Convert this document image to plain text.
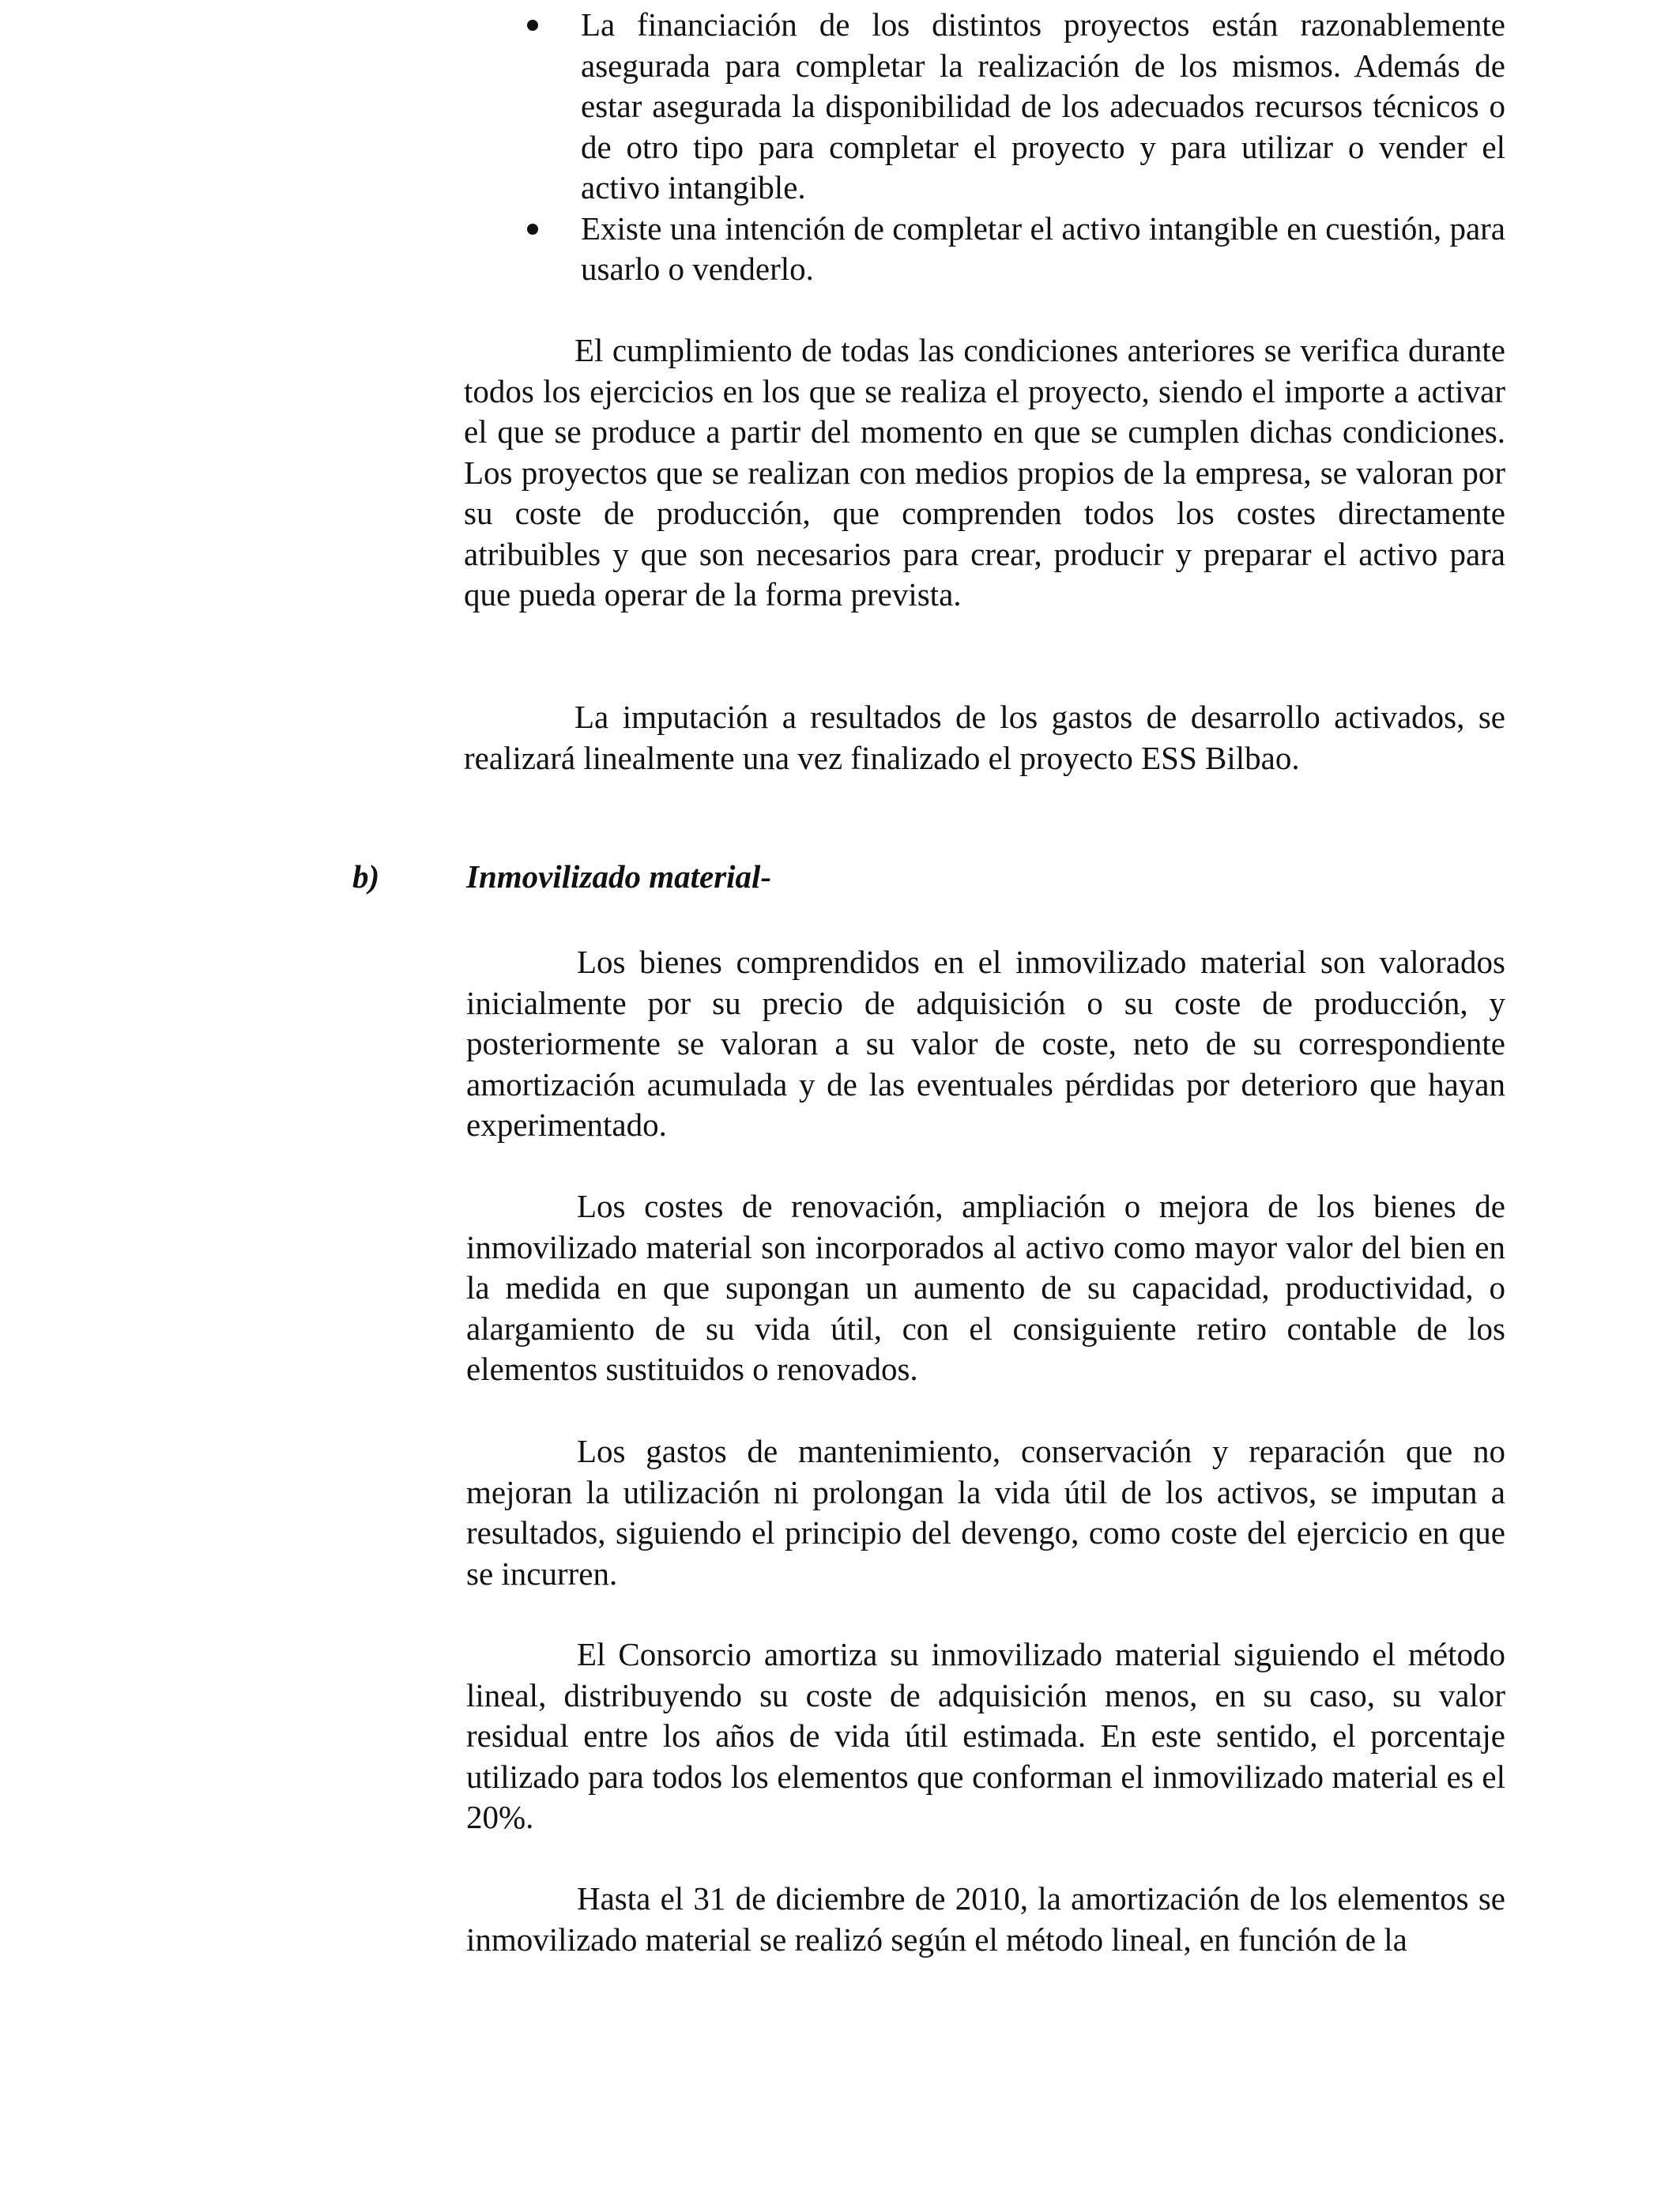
La financiación de los distintos proyectos están razonablemente asegurada para completar la realización de los mismos. Además de estar asegurada la disponibilidad de los adecuados recursos técnicos o de otro tipo para completar el proyecto y para utilizar o vender el activo intangible.
Existe una intención de completar el activo intangible en cuestión, para usarlo o venderlo.

El cumplimiento de todas las condiciones anteriores se verifica durante todos los ejercicios en los que se realiza el proyecto, siendo el importe a activar el que se produce a partir del momento en que se cumplen dichas condiciones. Los proyectos que se realizan con medios propios de la empresa, se valoran por su coste de producción, que comprenden todos los costes directamente atribuibles y que son necesarios para crear, producir y preparar el activo para que pueda operar de la forma prevista.

La imputación a resultados de los gastos de desarrollo activados, se realizará linealmente una vez finalizado el proyecto ESS Bilbao.

b)	Inmovilizado material-

Los bienes comprendidos en el inmovilizado material son valorados inicialmente por su precio de adquisición o su coste de producción, y posteriormente se valoran a su valor de coste, neto de su correspondiente amortización acumulada y de las eventuales pérdidas por deterioro que hayan experimentado.

Los costes de renovación, ampliación o mejora de los bienes de inmovilizado material son incorporados al activo como mayor valor del bien en la medida en que supongan un aumento de su capacidad, productividad, o alargamiento de su vida útil, con el consiguiente retiro contable de los elementos sustituidos o renovados.

Los gastos de mantenimiento, conservación y reparación que no mejoran la utilización ni prolongan la vida útil de los activos, se imputan a resultados, siguiendo el principio del devengo, como coste del ejercicio en que se incurren.

El Consorcio amortiza su inmovilizado material siguiendo el método lineal, distribuyendo su coste de adquisición menos, en su caso, su valor residual entre los años de vida útil estimada. En este sentido, el porcentaje utilizado para todos los elementos que conforman el inmovilizado material es el 20%.

Hasta el 31 de diciembre de 2010, la amortización de los elementos se inmovilizado material se realizó según el método lineal, en función de la
